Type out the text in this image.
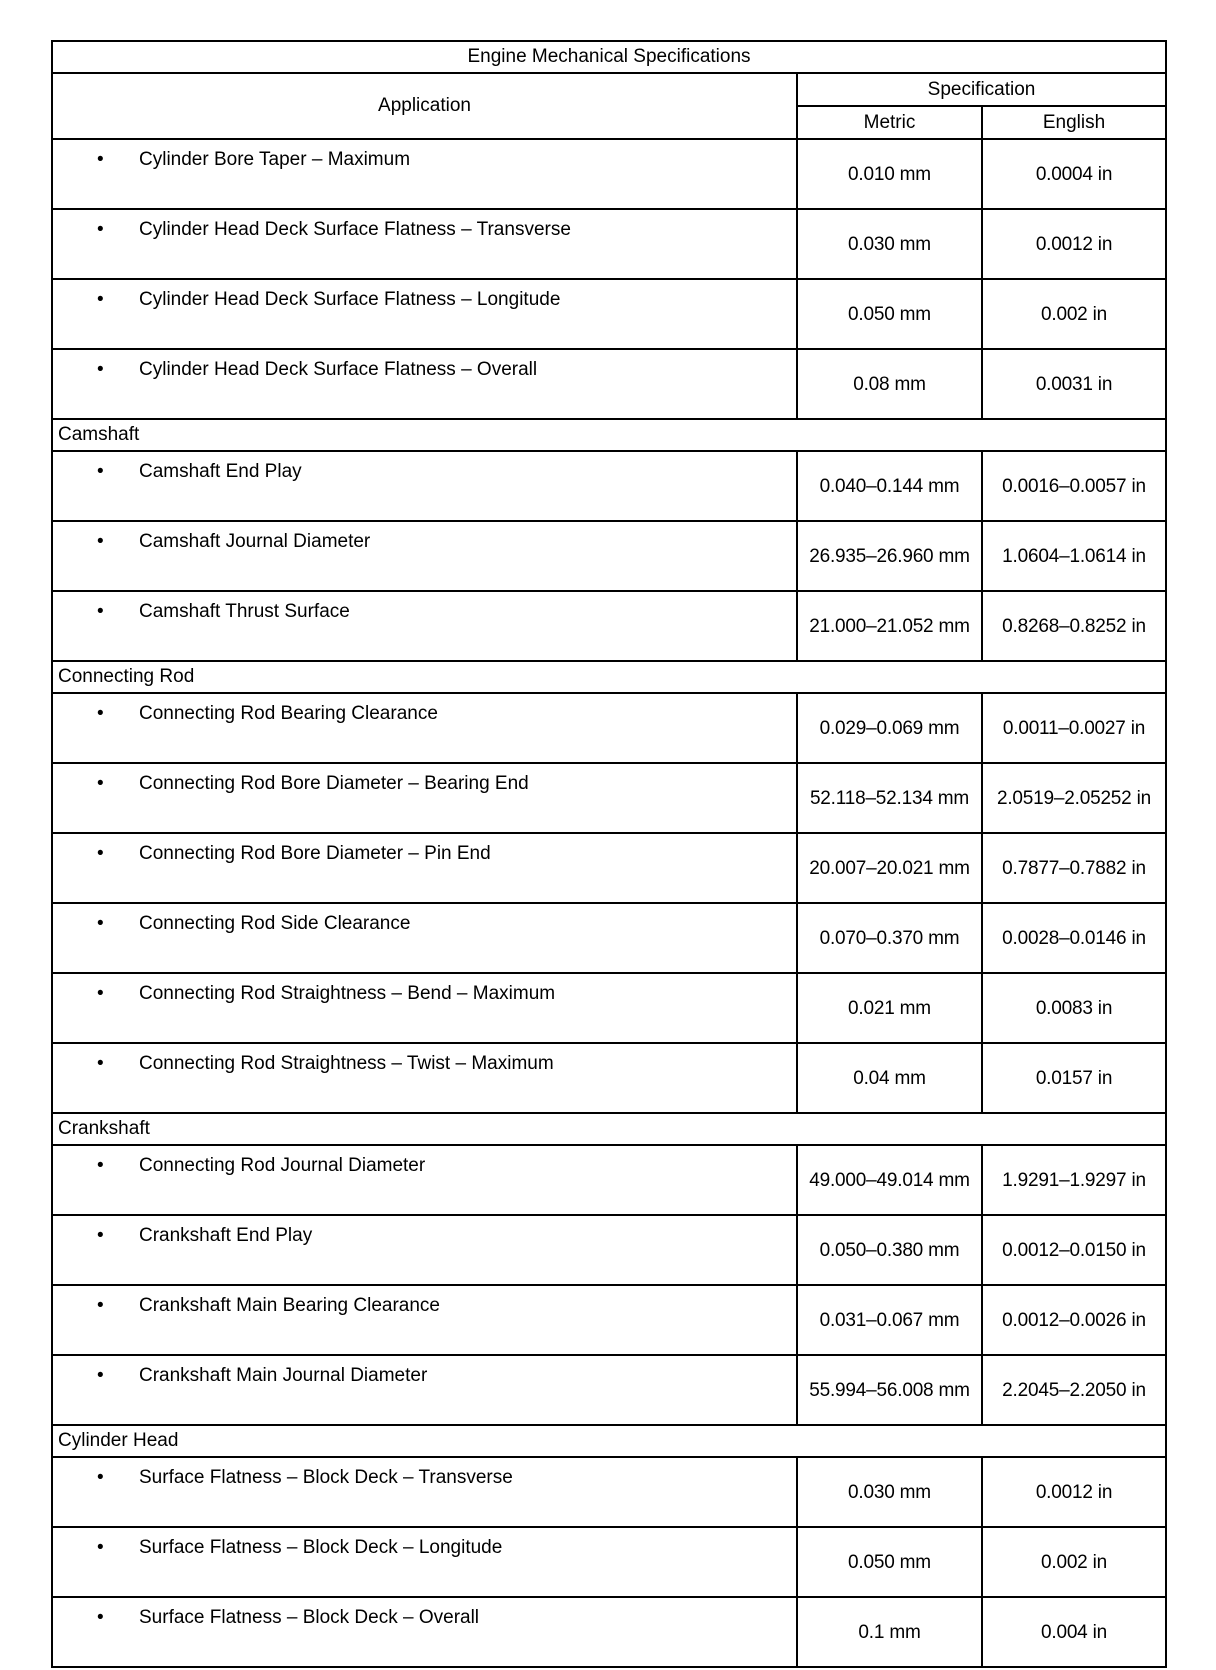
Engine Mechanical Specifications		
Application	Specification	
	Metric	English

• Cylinder Bore Taper – Maximum	0.010 mm	0.0004 in

• Cylinder Head Deck Surface Flatness – Transverse	0.030 mm	0.0012 in

• Cylinder Head Deck Surface Flatness – Longitude	0.050 mm	0.002 in

• Cylinder Head Deck Surface Flatness – Overall	0.08 mm	0.0031 in
Camshaft		

• Camshaft End Play	0.040–0.144 mm	0.0016–0.0057 in

• Camshaft Journal Diameter	26.935–26.960 mm	1.0604–1.0614 in

• Camshaft Thrust Surface	21.000–21.052 mm	0.8268–0.8252 in
Connecting Rod		

• Connecting Rod Bearing Clearance	0.029–0.069 mm	0.0011–0.0027 in

• Connecting Rod Bore Diameter – Bearing End	52.118–52.134 mm	2.0519–2.05252 in

• Connecting Rod Bore Diameter – Pin End	20.007–20.021 mm	0.7877–0.7882 in

• Connecting Rod Side Clearance	0.070–0.370 mm	0.0028–0.0146 in

• Connecting Rod Straightness – Bend – Maximum	0.021 mm	0.0083 in

• Connecting Rod Straightness – Twist – Maximum	0.04 mm	0.0157 in
Crankshaft		

• Connecting Rod Journal Diameter	49.000–49.014 mm	1.9291–1.9297 in

• Crankshaft End Play	0.050–0.380 mm	0.0012–0.0150 in

• Crankshaft Main Bearing Clearance	0.031–0.067 mm	0.0012–0.0026 in

• Crankshaft Main Journal Diameter	55.994–56.008 mm	2.2045–2.2050 in
Cylinder Head		

• Surface Flatness – Block Deck – Transverse	0.030 mm	0.0012 in

• Surface Flatness – Block Deck – Longitude	0.050 mm	0.002 in

• Surface Flatness – Block Deck – Overall	0.1 mm	0.004 in
